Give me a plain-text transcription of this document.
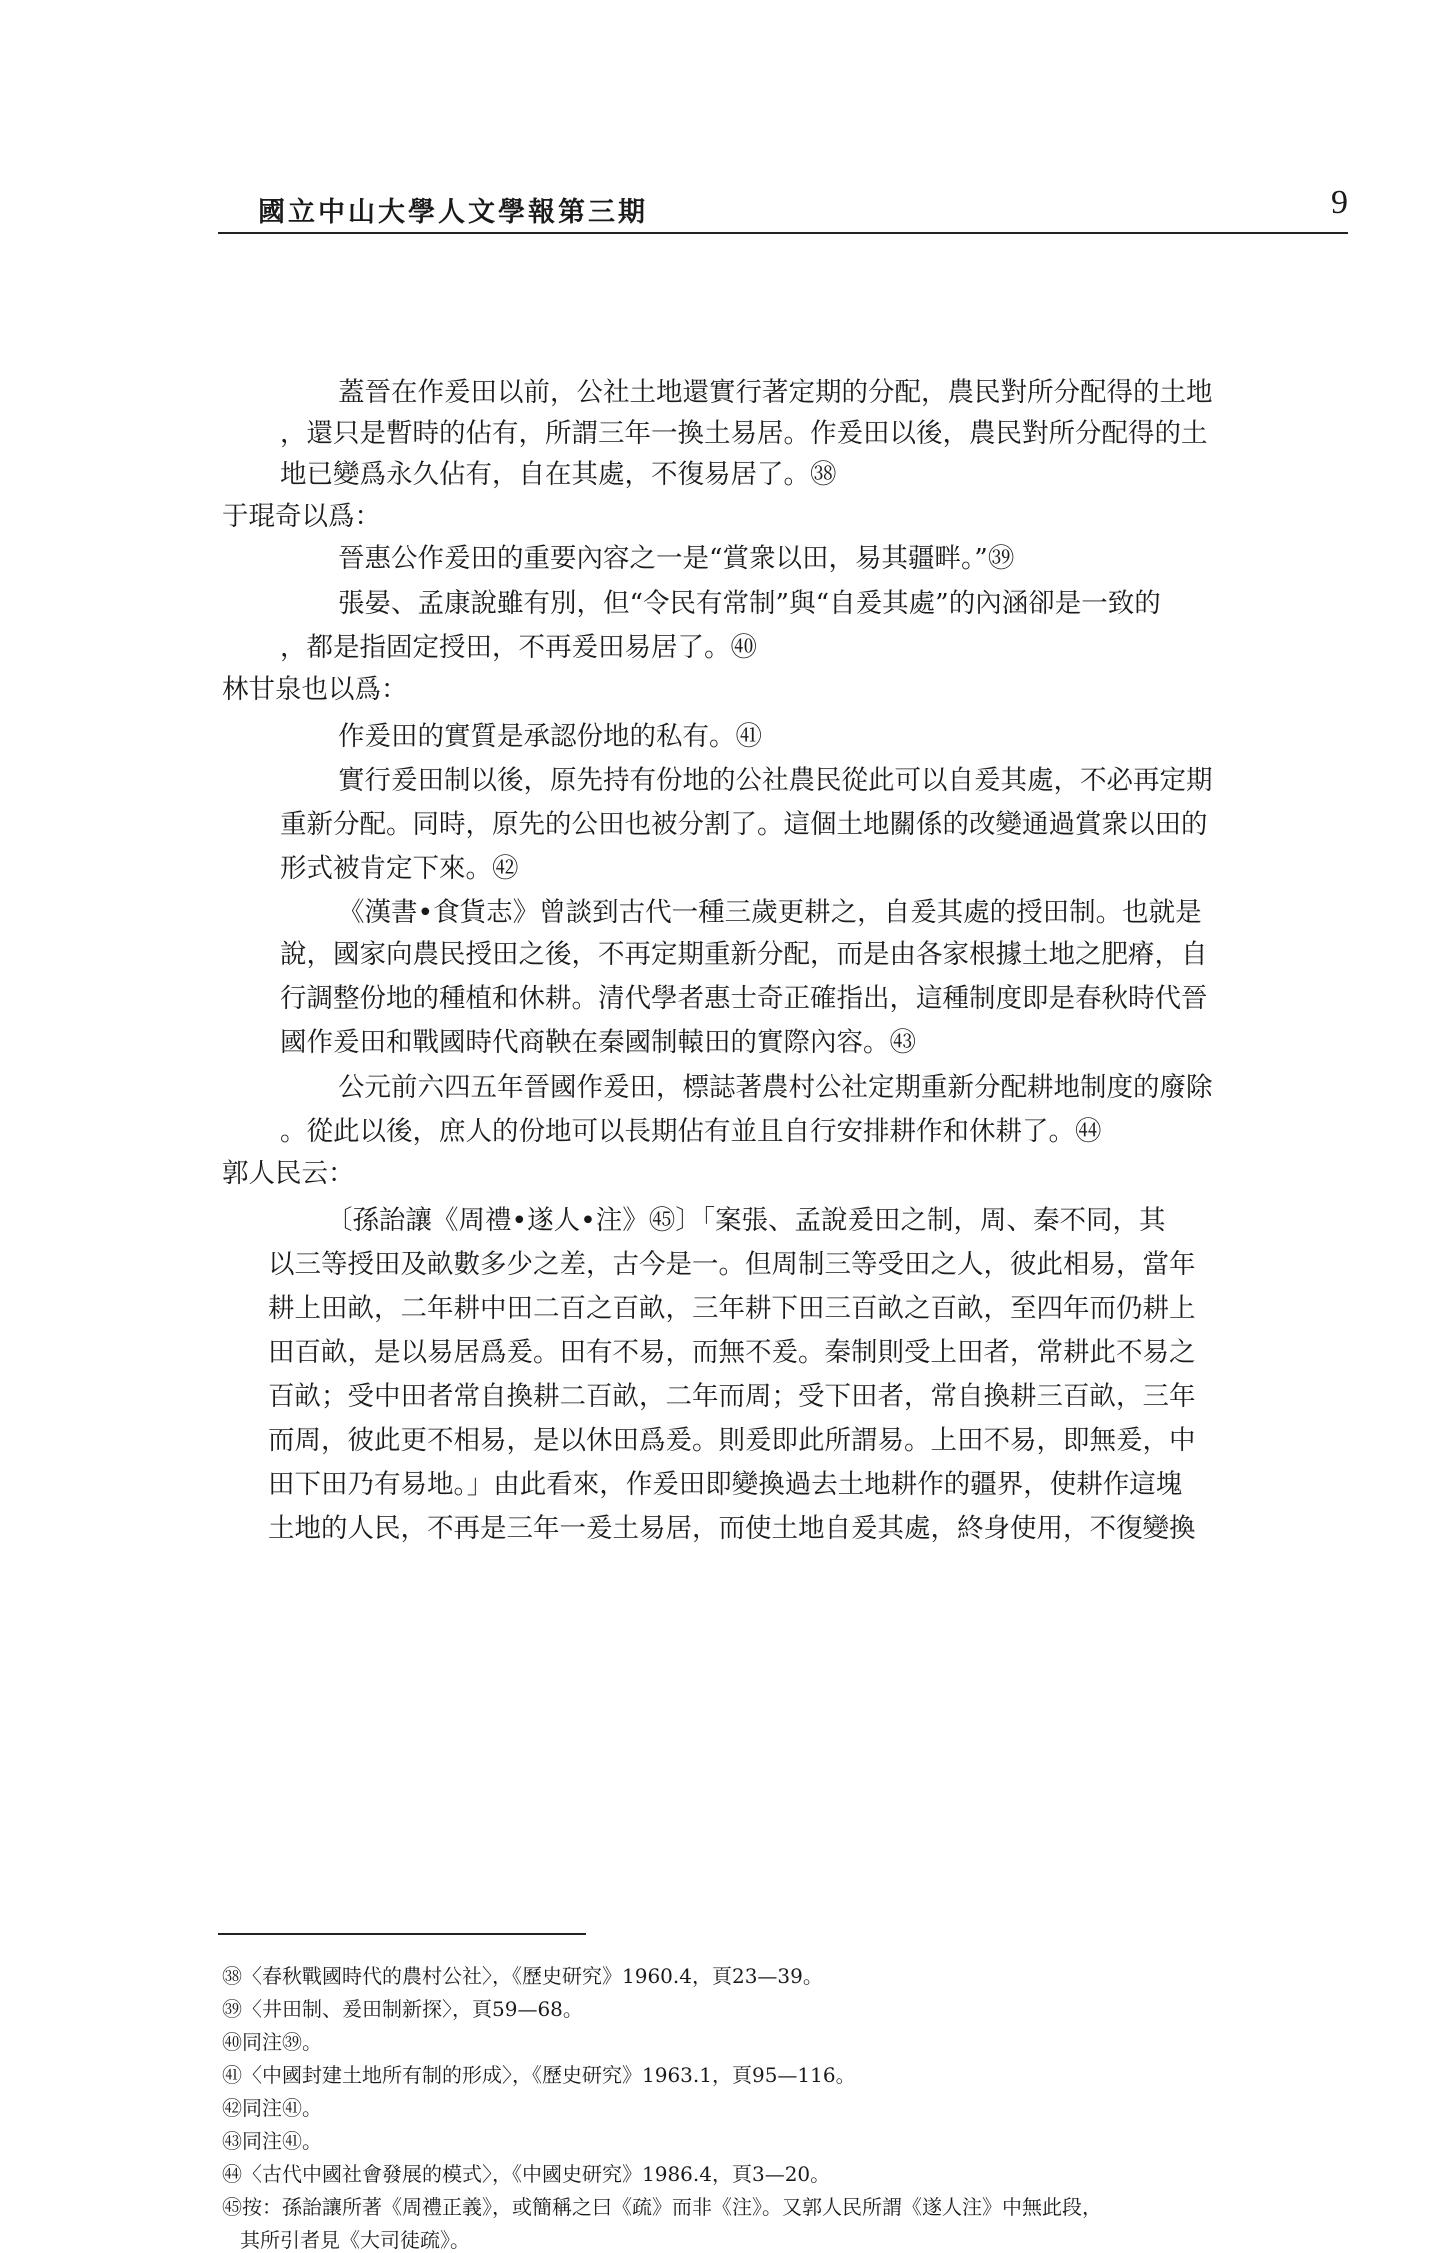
國立中山大學人文學報第三期	9
蓋晉在作爰田以前，公社土地還實行著定期的分配，農民對所分配得的土地
，還只是暫時的佔有，所謂三年一換土易居。作爰田以後，農民對所分配得的土
地已變爲永久佔有，自在其處，不復易居了。㊳
于琨奇以爲：
晉惠公作爰田的重要內容之一是“賞衆以田，易其疆畔。”㊴
張晏、孟康說雖有別，但“令民有常制”與“自爰其處”的內涵卻是一致的
，都是指固定授田，不再爰田易居了。㊵
林甘泉也以爲：
作爰田的實質是承認份地的私有。㊶
實行爰田制以後，原先持有份地的公社農民從此可以自爰其處，不必再定期
重新分配。同時，原先的公田也被分割了。這個土地關係的改變通過賞衆以田的
形式被肯定下來。㊷
《漢書•食貨志》曾談到古代一種三歲更耕之，自爰其處的授田制。也就是
說，國家向農民授田之後，不再定期重新分配，而是由各家根據土地之肥瘠，自
行調整份地的種植和休耕。清代學者惠士奇正確指出，這種制度即是春秋時代晉
國作爰田和戰國時代商鞅在秦國制轅田的實際內容。㊸
公元前六四五年晉國作爰田，標誌著農村公社定期重新分配耕地制度的廢除
。從此以後，庶人的份地可以長期佔有並且自行安排耕作和休耕了。㊹
郭人民云：
〔孫詒讓《周禮•遂人•注》㊺〕「案張、孟說爰田之制，周、秦不同，其
以三等授田及畝數多少之差，古今是一。但周制三等受田之人，彼此相易，當年
耕上田畝，二年耕中田二百之百畝，三年耕下田三百畝之百畝，至四年而仍耕上
田百畝，是以易居爲爰。田有不易，而無不爰。秦制則受上田者，常耕此不易之
百畝；受中田者常自換耕二百畝，二年而周；受下田者，常自換耕三百畝，三年
而周，彼此更不相易，是以休田爲爰。則爰即此所謂易。上田不易，即無爰，中
田下田乃有易地。」由此看來，作爰田即變換過去土地耕作的疆界，使耕作這塊
土地的人民，不再是三年一爰土易居，而使土地自爰其處，終身使用，不復變換
㊳〈春秋戰國時代的農村公社〉，《歷史研究》1960.4，頁23—39。
㊴〈井田制、爰田制新探〉，頁59—68。
㊵同注㊴。
㊶〈中國封建土地所有制的形成〉，《歷史研究》1963.1，頁95—116。
㊷同注㊶。
㊸同注㊶。
㊹〈古代中國社會發展的模式〉，《中國史研究》1986.4，頁3—20。
㊺按：孫詒讓所著《周禮正義》，或簡稱之曰《疏》而非《注》。又郭人民所謂《遂人注》中無此段，
其所引者見《大司徒疏》。
